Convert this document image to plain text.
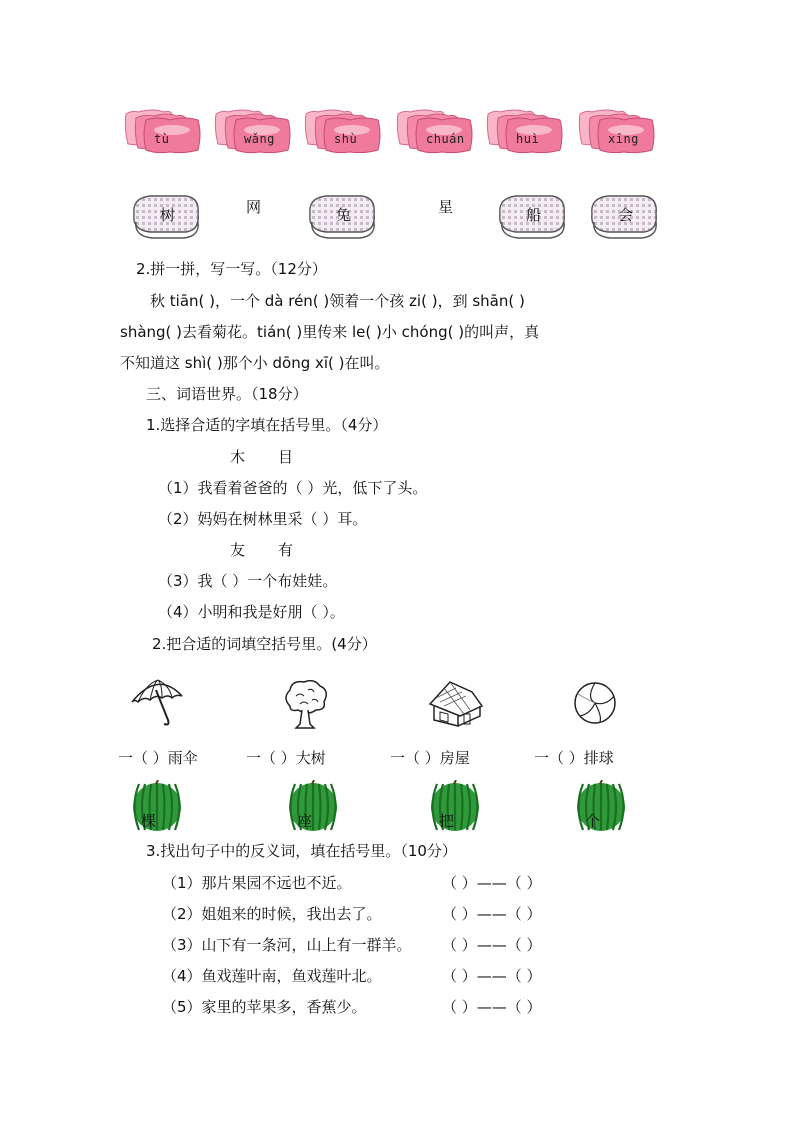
tù	wǎng	shù	chuán	huì	xīng
树	网	兔	星	船	会
2.拼一拼，写一写。（12分）
秋 tiān( )，一个 dà rén( )领着一个孩 zi( )，到 shān( )
shàng( )去看菊花。tián( )里传来 le( )小 chóng( )的叫声，真
不知道这 shì( )那个小 dōng xī( )在叫。
三、词语世界。（18分）
1.选择合适的字填在括号里。（4分）
木 目
（1）我看着爸爸的（ ）光，低下了头。
（2）妈妈在树林里采（ ）耳。
友 有
（3）我（ ）一个布娃娃。
（4）小明和我是好朋（ ）。
2.把合适的词填空括号里。(4分）
一（ ）雨伞	一（ ）大树	一（ ）房屋	一（ ）排球
棵	座	把	个
3.找出句子中的反义词，填在括号里。（10分）
（1）那片果园不远也不近。	（ ）——（ ）
（2）姐姐来的时候，我出去了。	（ ）——（ ）
（3）山下有一条河，山上有一群羊。 （ ）——（ ）
（4）鱼戏莲叶南，鱼戏莲叶北。	（ ）——（ ）
（5）家里的苹果多，香蕉少。	（ ）——（ ）
